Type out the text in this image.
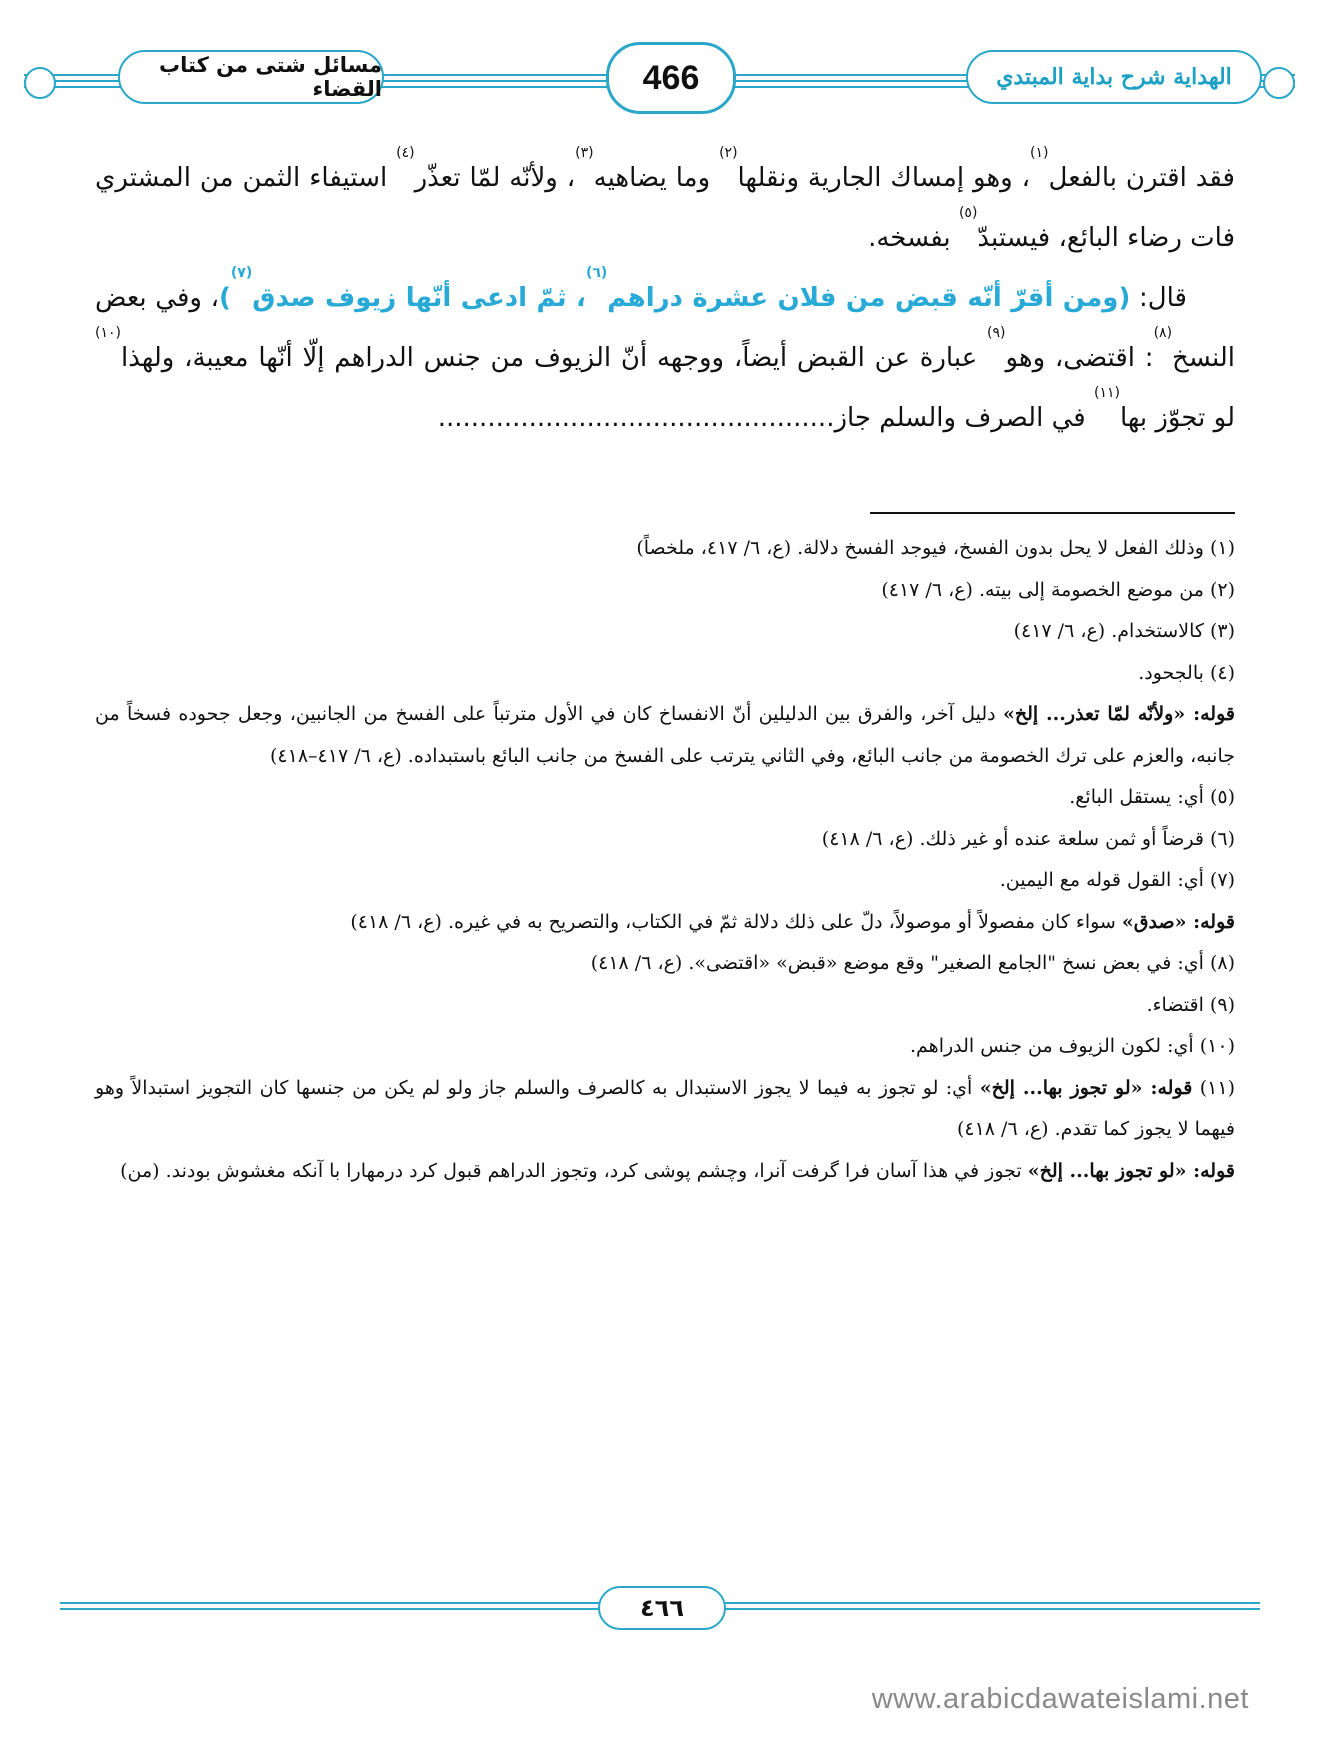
مسائل شتى من كتاب القضاء	466	الهداية شرح بداية المبتدي

فقد اقترن بالفعل$^{(١)}$، وهو إمساك الجارية ونقلها$^{(٢)}$ وما يضاهيه$^{(٣)}$، ولأنّه لمّا تعذّر$^{(٤)}$ استيفاء الثمن من المشتري فات رضاء البائع، فيستبدّ$^{(٥)}$ بفسخه.

قال: (ومن أقرّ أنّه قبض من فلان عشرة دراهم$^{(٦)}$، ثمّ ادعى أنّها زيوف صدق$^{(٧)}$)، وفي بعض النسخ$^{(٨)}$: اقتضى، وهو$^{(٩)}$ عبارة عن القبض أيضاً، ووجهه أنّ الزيوف من جنس الدراهم إلّا أنّها معيبة، ولهذا$^{(١٠)}$ لو تجوّز بها$^{(١١)}$ في الصرف والسلم جاز................................................

(١) وذلك الفعل لا يحل بدون الفسخ، فيوجد الفسخ دلالة. (ع، ٦/ ٤١٧، ملخصاً)

(٢) من موضع الخصومة إلى بيته. (ع، ٦/ ٤١٧)

(٣) كالاستخدام. (ع، ٦/ ٤١٧)

(٤) بالجحود.

قوله: «ولأنّه لمّا تعذر... إلخ» دليل آخر، والفرق بين الدليلين أنّ الانفساخ كان في الأول مترتباً على الفسخ من الجانبين، وجعل جحوده فسخاً من جانبه، والعزم على ترك الخصومة من جانب البائع، وفي الثاني يترتب على الفسخ من جانب البائع باستبداده. (ع، ٦/ ٤١٧–٤١٨)

(٥) أي: يستقل البائع.

(٦) قرضاً أو ثمن سلعة عنده أو غير ذلك. (ع، ٦/ ٤١٨)

(٧) أي: القول قوله مع اليمين.

قوله: «صدق» سواء كان مفصولاً أو موصولاً، دلّ على ذلك دلالة ثمّ في الكتاب، والتصريح به في غيره. (ع، ٦/ ٤١٨)

(٨) أي: في بعض نسخ "الجامع الصغير" وقع موضع «قبض» «اقتضى». (ع، ٦/ ٤١٨)

(٩) اقتضاء.

(١٠) أي: لكون الزيوف من جنس الدراهم.

(١١) قوله: «لو تجوز بها... إلخ» أي: لو تجوز به فيما لا يجوز الاستبدال به كالصرف والسلم جاز ولو لم يكن من جنسها كان التجويز استبدالاً وهو فيهما لا يجوز كما تقدم. (ع، ٦/ ٤١٨)

قوله: «لو تجوز بها... إلخ» تجوز في هذا آسان فرا گرفت آنرا، وچشم پوشی کرد، وتجوز الدراهم قبول کرد درمهارا با آنکه مغشوش بودند. (من)

٤٦٦
www.arabicdawateislami.net
